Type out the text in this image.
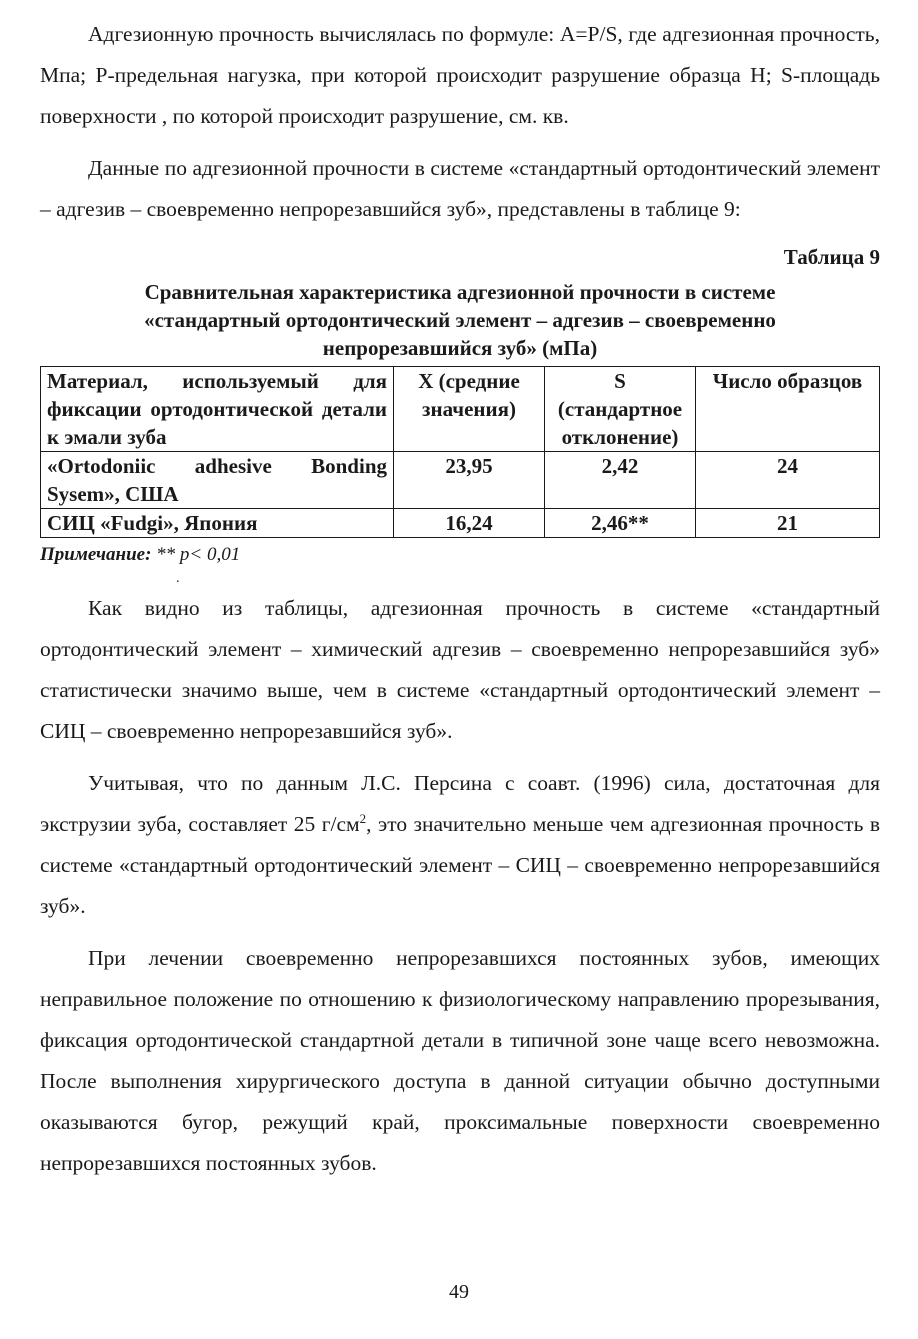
Адгезионную прочность вычислялась по формуле: A=P/S, где адгезионная прочность, Мпа; Р-предельная нагузка, при которой происходит разрушение образца Н; S-площадь поверхности , по которой происходит разрушение, см. кв.

Данные по адгезионной прочности в системе «стандартный ортодонтический элемент – адгезив – своевременно непрорезавшийся зуб», представлены в таблице 9:

Таблица 9
Сравнительная характеристика адгезионной прочности в системе «стандартный ортодонтический элемент – адгезив – своевременно непрорезавшийся зуб» (мПа)
Материал, используемый для фиксации ортодонтической детали к эмали зуба	X (средние значения)	S (стандартное отклонение)	Число образцов
«Ortodoniic adhesive Bonding Sysem», США	23,95	2,42	24
СИЦ «Fudgi», Япония	16,24	2,46**	21

Примечание: ** p< 0,01

.

Как видно из таблицы, адгезионная прочность в системе «стандартный ортодонтический элемент – химический адгезив – своевременно непрорезавшийся зуб» статистически значимо выше, чем в системе «стандартный ортодонтический элемент – СИЦ – своевременно непрорезавшийся зуб».

Учитывая, что по данным Л.С. Персина с соавт. (1996) сила, достаточная для экструзии зуба, составляет 25 $г/см^2$, это значительно меньше чем адгезионная прочность в системе «стандартный ортодонтический элемент – СИЦ – своевременно непрорезавшийся зуб».

При лечении своевременно непрорезавшихся постоянных зубов, имеющих неправильное положение по отношению к физиологическому направлению прорезывания, фиксация ортодонтической стандартной детали в типичной зоне чаще всего невозможна. После выполнения хирургического доступа в данной ситуации обычно доступными оказываются бугор, режущий край, проксимальные поверхности своевременно непрорезавшихся постоянных зубов.

49
